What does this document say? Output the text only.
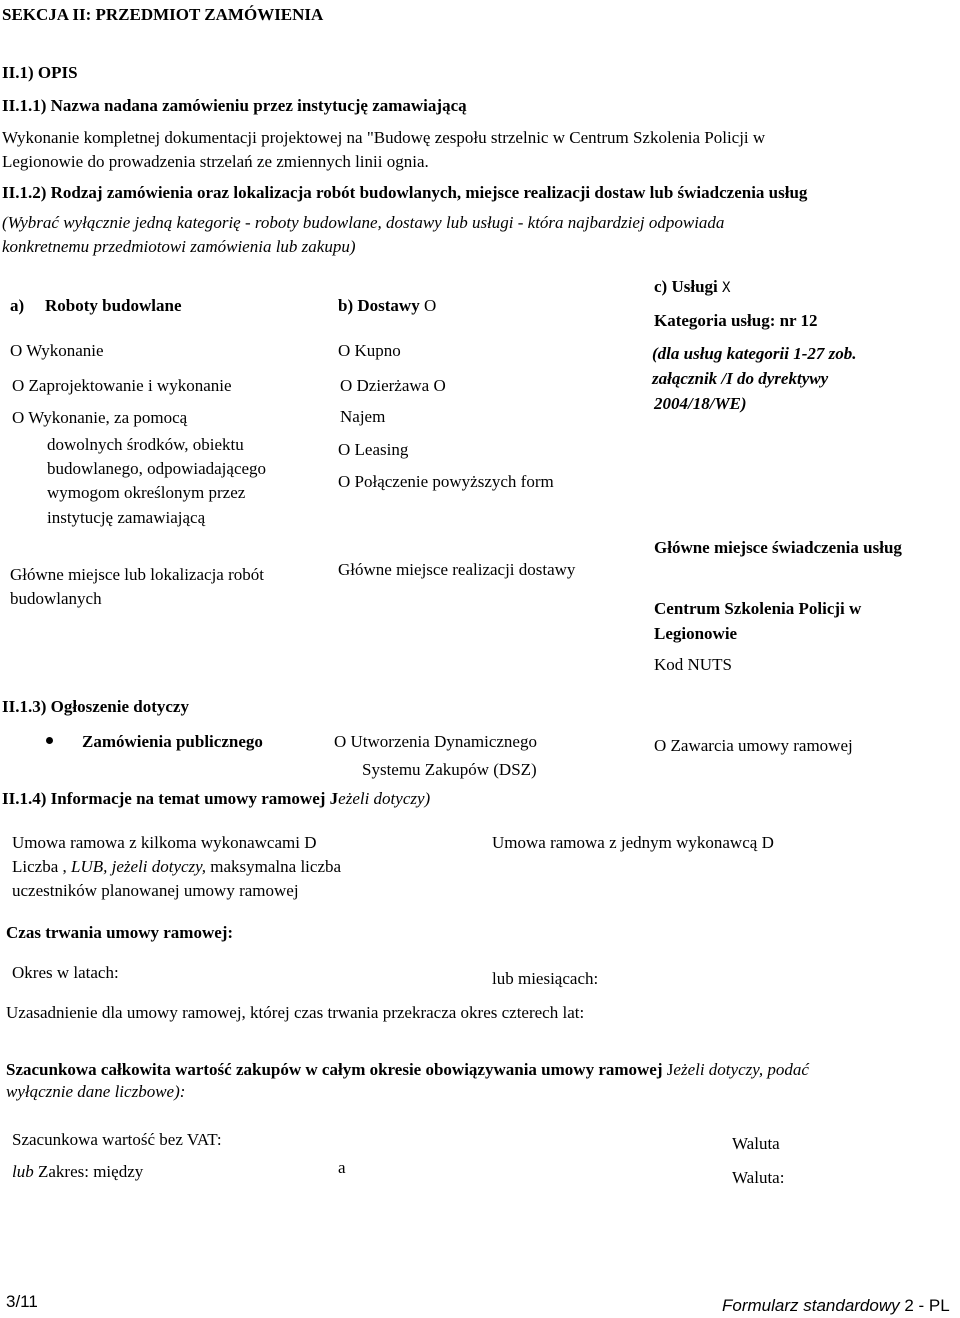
SEKCJA II: PRZEDMIOT ZAMÓWIENIA
II.1) OPIS
II.1.1) Nazwa nadana zamówieniu przez instytucję zamawiającą
Wykonanie kompletnej dokumentacji projektowej na "Budowę zespołu strzelnic w Centrum Szkolenia Policji w
Legionowie do prowadzenia strzelań ze zmiennych linii ognia.
II.1.2) Rodzaj zamówienia oraz lokalizacja robót budowlanych, miejsce realizacji dostaw lub świadczenia usług
(Wybrać wyłącznie jedną kategorię - roboty budowlane, dostawy lub usługi - która najbardziej odpowiada
konkretnemu przedmiotowi zamówienia lub zakupu)
a) Roboty budowlane
O Wykonanie
O Zaprojektowanie i wykonanie
O Wykonanie, za pomocą
dowolnych środków, obiektu
budowlanego, odpowiadającego
wymogom określonym przez
instytucję zamawiającą
Główne miejsce lub lokalizacja robót
budowlanych
b) Dostawy O
O Kupno
O Dzierżawa O
Najem
O Leasing
O Połączenie powyższych form
Główne miejsce realizacji dostawy
c) Usługi X
Kategoria usług: nr 12
(dla usług kategorii 1-27 zob.
załącznik /I do dyrektywy
2004/18/WE)
Główne miejsce świadczenia usług
Centrum Szkolenia Policji w
Legionowie
Kod NUTS
II.1.3) Ogłoszenie dotyczy
Zamówienia publicznego	O Utworzenia Dynamicznego
Systemu Zakupów (DSZ)
O Zawarcia umowy ramowej
II.1.4) Informacje na temat umowy ramowej Jeżeli dotyczy)
Umowa ramowa z kilkoma wykonawcami D
Liczba , LUB, jeżeli dotyczy, maksymalna liczba
uczestników planowanej umowy ramowej
Umowa ramowa z jednym wykonawcą D
Czas trwania umowy ramowej:
Okres w latach:	lub miesiącach:
Uzasadnienie dla umowy ramowej, której czas trwania przekracza okres czterech lat:
Szacunkowa całkowita wartość zakupów w całym okresie obowiązywania umowy ramowej Jeżeli dotyczy, podać
wyłącznie dane liczbowe):
Szacunkowa wartość bez VAT:
lub Zakres: między	a
Waluta
Waluta:
3/11	Formularz standardowy 2 - PL
